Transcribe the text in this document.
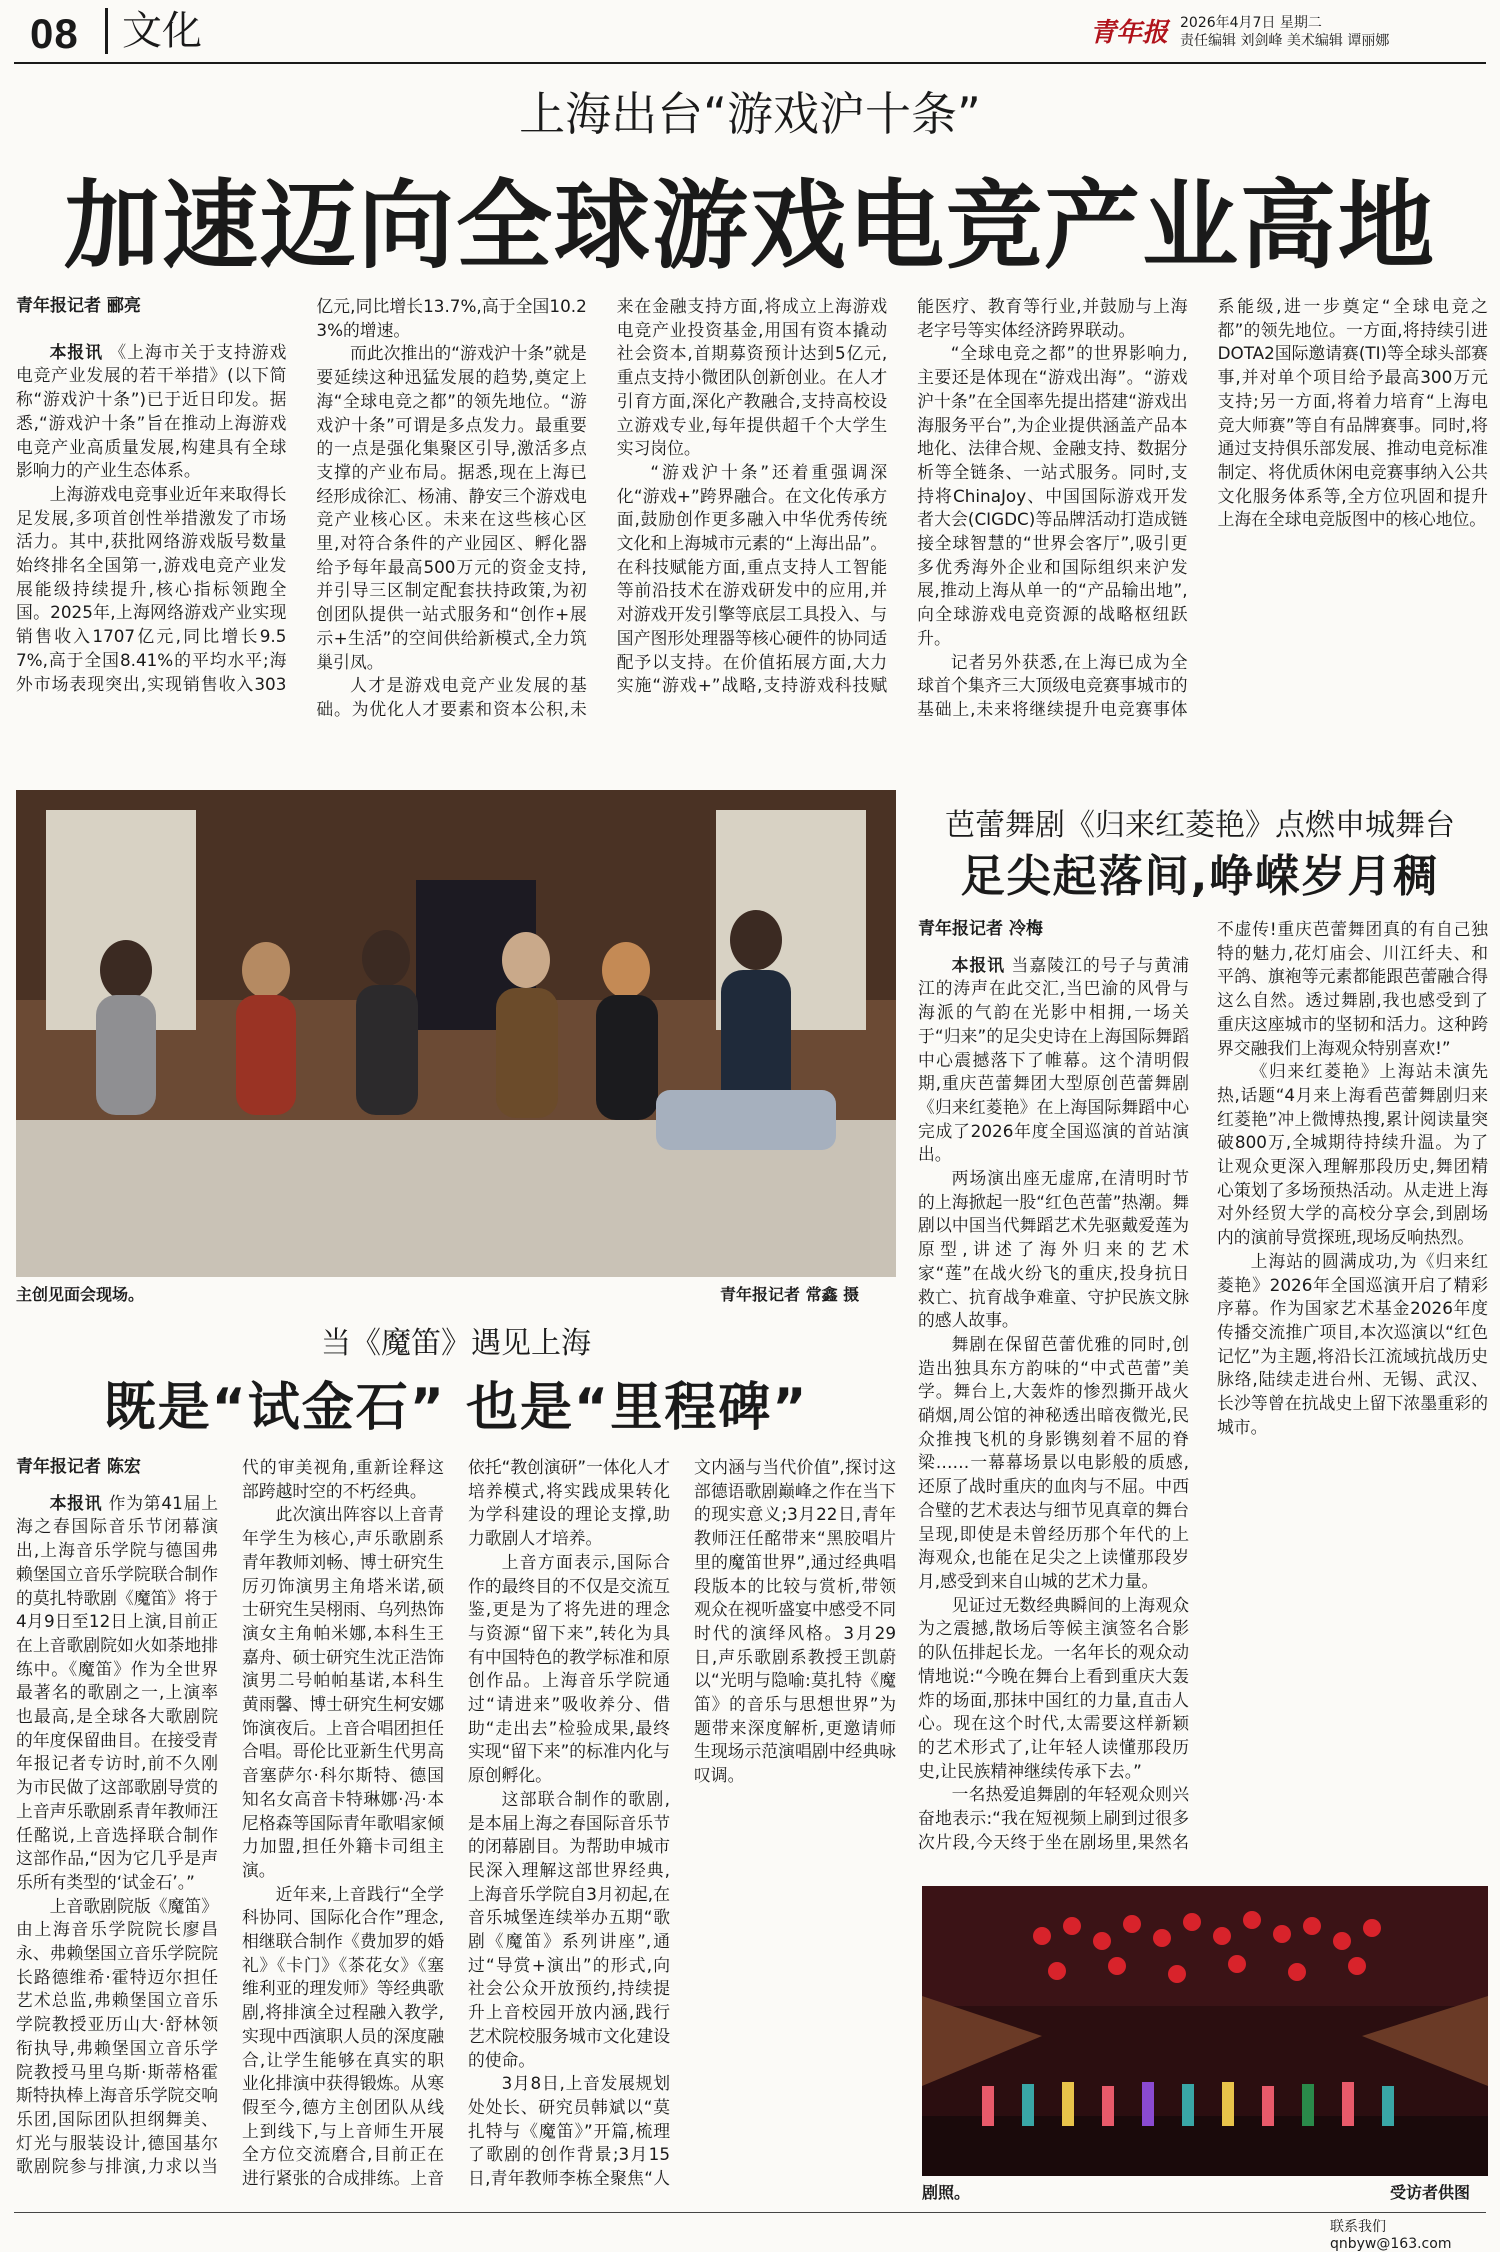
08	文化	青年报 2026年4月7日 星期二
责任编辑 刘剑峰 美术编辑 谭丽娜
上海出台“游戏沪十条”
加速迈向全球游戏电竞产业高地
青年报记者 郦亮

本报讯 《上海市关于支持游戏电竞产业发展的若干举措》(以下简称“游戏沪十条”)已于近日印发。据悉,“游戏沪十条”旨在推动上海游戏电竞产业高质量发展,构建具有全球影响力的产业生态体系。

上海游戏电竞事业近年来取得长足发展,多项首创性举措激发了市场活力。其中,获批网络游戏版号数量始终排名全国第一,游戏电竞产业发展能级持续提升,核心指标领跑全国。2025年,上海网络游戏产业实现销售收入1707亿元,同比增长9.57%,高于全国8.41%的平均水平;海外市场表现突出,实现销售收入303亿元,同比增长13.7%,高于全国10.23%的增速。

而此次推出的“游戏沪十条”就是要延续这种迅猛发展的趋势,奠定上海“全球电竞之都”的领先地位。“游戏沪十条”可谓是多点发力。最重要的一点是强化集聚区引导,激活多点支撑的产业布局。据悉,现在上海已经形成徐汇、杨浦、静安三个游戏电竞产业核心区。未来在这些核心区里,对符合条件的产业园区、孵化器给予每年最高500万元的资金支持,并引导三区制定配套扶持政策,为初创团队提供一站式服务和“创作+展示+生活”的空间供给新模式,全力筑巢引凤。

人才是游戏电竞产业发展的基础。为优化人才要素和资本公积,未来在金融支持方面,将成立上海游戏电竞产业投资基金,用国有资本撬动社会资本,首期募资预计达到5亿元,重点支持小微团队创新创业。在人才引育方面,深化产教融合,支持高校设立游戏专业,每年提供超千个大学生实习岗位。

“游戏沪十条”还着重强调深化“游戏+”跨界融合。在文化传承方面,鼓励创作更多融入中华优秀传统文化和上海城市元素的“上海出品”。在科技赋能方面,重点支持人工智能等前沿技术在游戏研发中的应用,并对游戏开发引擎等底层工具投入、与国产图形处理器等核心硬件的协同适配予以支持。在价值拓展方面,大力实施“游戏+”战略,支持游戏科技赋能医疗、教育等行业,并鼓励与上海老字号等实体经济跨界联动。

“全球电竞之都”的世界影响力,主要还是体现在“游戏出海”。“游戏沪十条”在全国率先提出搭建“游戏出海服务平台”,为企业提供涵盖产品本地化、法律合规、金融支持、数据分析等全链条、一站式服务。同时,支持将ChinaJoy、中国国际游戏开发者大会(CIGDC)等品牌活动打造成链接全球智慧的“世界会客厅”,吸引更多优秀海外企业和国际组织来沪发展,推动上海从单一的“产品输出地”,向全球游戏电竞资源的战略枢纽跃升。

记者另外获悉,在上海已成为全球首个集齐三大顶级电竞赛事城市的基础上,未来将继续提升电竞赛事体系能级,进一步奠定“全球电竞之都”的领先地位。一方面,将持续引进DOTA2国际邀请赛(TI)等全球头部赛事,并对单个项目给予最高300万元支持;另一方面,将着力培育“上海电竞大师赛”等自有品牌赛事。同时,将通过支持俱乐部发展、推动电竞标准制定、将优质休闲电竞赛事纳入公共文化服务体系等,全方位巩固和提升上海在全球电竞版图中的核心地位。

主创见面会现场。	青年报记者 常鑫 摄
芭蕾舞剧《归来红菱艳》点燃申城舞台
足尖起落间,峥嵘岁月稠
青年报记者 冷梅

本报讯 当嘉陵江的号子与黄浦江的涛声在此交汇,当巴渝的风骨与海派的气韵在光影中相拥,一场关于“归来”的足尖史诗在上海国际舞蹈中心震撼落下了帷幕。这个清明假期,重庆芭蕾舞团大型原创芭蕾舞剧《归来红菱艳》在上海国际舞蹈中心完成了2026年度全国巡演的首站演出。

两场演出座无虚席,在清明时节的上海掀起一股“红色芭蕾”热潮。舞剧以中国当代舞蹈艺术先驱戴爱莲为原型,讲述了海外归来的艺术家“莲”在战火纷飞的重庆,投身抗日救亡、抗育战争难童、守护民族文脉的感人故事。

舞剧在保留芭蕾优雅的同时,创造出独具东方韵味的“中式芭蕾”美学。舞台上,大轰炸的惨烈撕开战火硝烟,周公馆的神秘透出暗夜微光,民众推拽飞机的身影镌刻着不屈的脊梁……一幕幕场景以电影般的质感,还原了战时重庆的血肉与不屈。中西合璧的艺术表达与细节见真章的舞台呈现,即使是未曾经历那个年代的上海观众,也能在足尖之上读懂那段岁月,感受到来自山城的艺术力量。

见证过无数经典瞬间的上海观众为之震撼,散场后等候主演签名合影的队伍排起长龙。一名年长的观众动情地说:“今晚在舞台上看到重庆大轰炸的场面,那抹中国红的力量,直击人心。现在这个时代,太需要这样新颖的艺术形式了,让年轻人读懂那段历史,让民族精神继续传承下去。”

一名热爱追舞剧的年轻观众则兴奋地表示:“我在短视频上刷到过很多次片段,今天终于坐在剧场里,果然名不虚传!重庆芭蕾舞团真的有自己独特的魅力,花灯庙会、川江纤夫、和平鸽、旗袍等元素都能跟芭蕾融合得这么自然。透过舞剧,我也感受到了重庆这座城市的坚韧和活力。这种跨界交融我们上海观众特别喜欢!”

《归来红菱艳》上海站未演先热,话题“4月来上海看芭蕾舞剧归来红菱艳”冲上微博热搜,累计阅读量突破800万,全城期待持续升温。为了让观众更深入理解那段历史,舞团精心策划了多场预热活动。从走进上海对外经贸大学的高校分享会,到剧场内的演前导赏探班,现场反响热烈。

上海站的圆满成功,为《归来红菱艳》2026年全国巡演开启了精彩序幕。作为国家艺术基金2026年度传播交流推广项目,本次巡演以“红色记忆”为主题,将沿长江流域抗战历史脉络,陆续走进台州、无锡、武汉、长沙等曾在抗战史上留下浓墨重彩的城市。

剧照。	受访者供图
当《魔笛》遇见上海
既是“试金石” 也是“里程碑”
青年报记者 陈宏

本报讯 作为第41届上海之春国际音乐节闭幕演出,上海音乐学院与德国弗赖堡国立音乐学院联合制作的莫扎特歌剧《魔笛》将于4月9日至12日上演,目前正在上音歌剧院如火如荼地排练中。《魔笛》作为全世界最著名的歌剧之一,上演率也最高,是全球各大歌剧院的年度保留曲目。在接受青年报记者专访时,前不久刚为市民做了这部歌剧导赏的上音声乐歌剧系青年教师汪任酩说,上音选择联合制作这部作品,“因为它几乎是声乐所有类型的‘试金石’。”

上音歌剧院版《魔笛》由上海音乐学院院长廖昌永、弗赖堡国立音乐学院院长路德维希·霍特迈尔担任艺术总监,弗赖堡国立音乐学院教授亚历山大·舒林领衔执导,弗赖堡国立音乐学院教授马里乌斯·斯蒂格霍斯特执棒上海音乐学院交响乐团,国际团队担纲舞美、灯光与服装设计,德国基尔歌剧院参与排演,力求以当代的审美视角,重新诠释这部跨越时空的不朽经典。

此次演出阵容以上音青年学生为核心,声乐歌剧系青年教师刘畅、博士研究生厉刃饰演男主角塔米诺,硕士研究生吴栩雨、乌列热饰演女主角帕米娜,本科生王嘉舟、硕士研究生沈正浩饰演男二号帕帕基诺,本科生黄雨馨、博士研究生柯安娜饰演夜后。上音合唱团担任合唱。哥伦比亚新生代男高音塞萨尔·科尔斯特、德国知名女高音卡特琳娜·冯·本尼格森等国际青年歌唱家倾力加盟,担任外籍卡司组主演。

近年来,上音践行“全学科协同、国际化合作”理念,相继联合制作《费加罗的婚礼》《卡门》《茶花女》《塞维利亚的理发师》等经典歌剧,将排演全过程融入教学,实现中西演职人员的深度融合,让学生能够在真实的职业化排演中获得锻炼。从寒假至今,德方主创团队从线上到线下,与上音师生开展全方位交流磨合,目前正在进行紧张的合成排练。上音依托“教创演研”一体化人才培养模式,将实践成果转化为学科建设的理论支撑,助力歌剧人才培养。

上音方面表示,国际合作的最终目的不仅是交流互鉴,更是为了将先进的理念与资源“留下来”,转化为具有中国特色的教学标准和原创作品。上海音乐学院通过“请进来”吸收养分、借助“走出去”检验成果,最终实现“留下来”的标准内化与原创孵化。

这部联合制作的歌剧,是本届上海之春国际音乐节的闭幕剧目。为帮助申城市民深入理解这部世界经典,上海音乐学院自3月初起,在音乐城堡连续举办五期“歌剧《魔笛》系列讲座”,通过“导赏+演出”的形式,向社会公众开放预约,持续提升上音校园开放内涵,践行艺术院校服务城市文化建设的使命。

3月8日,上音发展规划处处长、研究员韩斌以“莫扎特与《魔笛》”开篇,梳理了歌剧的创作背景;3月15日,青年教师李栋全聚焦“人文内涵与当代价值”,探讨这部德语歌剧巅峰之作在当下的现实意义;3月22日,青年教师汪任酩带来“黑胶唱片里的魔笛世界”,通过经典唱段版本的比较与赏析,带领观众在视听盛宴中感受不同时代的演绎风格。3月29日,声乐歌剧系教授王凯蔚以“光明与隐喻:莫扎特《魔笛》的音乐与思想世界”为题带来深度解析,更邀请师生现场示范演唱剧中经典咏叹调。

联系我们 qnbyw@163.com
